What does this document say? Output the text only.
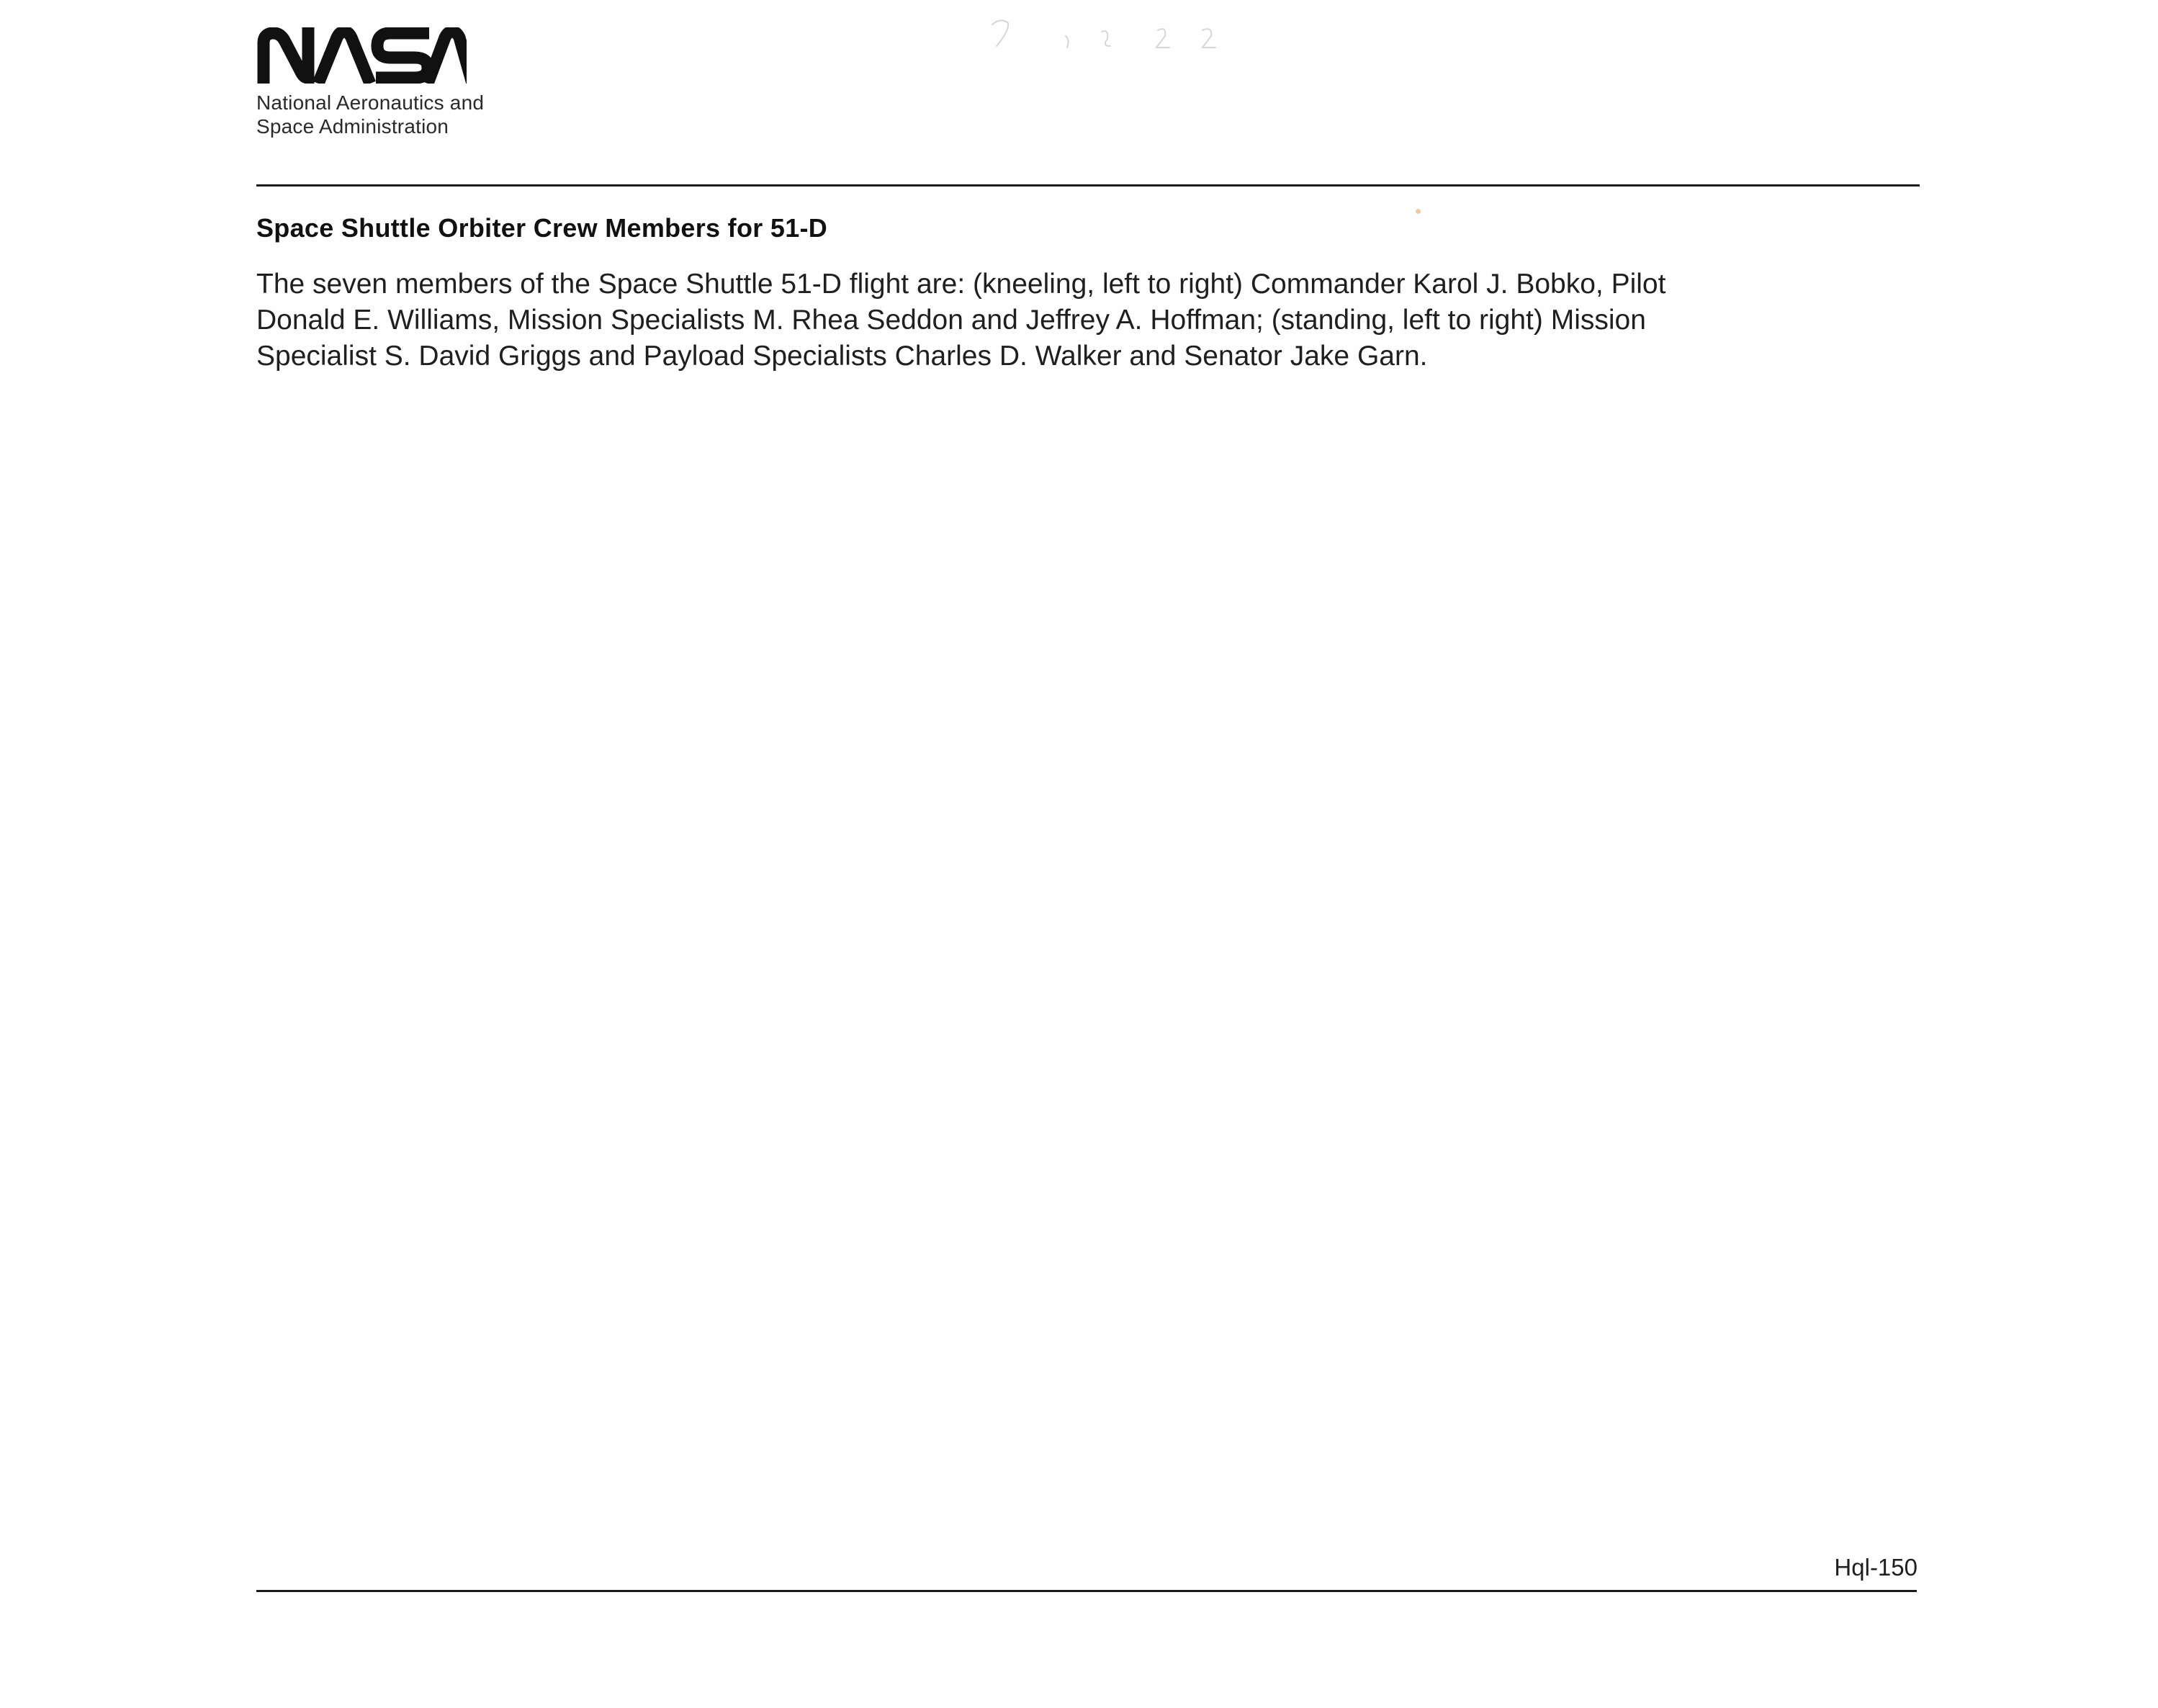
National Aeronautics and
Space Administration
Space Shuttle Orbiter Crew Members for 51-D

The seven members of the Space Shuttle 51-D flight are: (kneeling, left to right) Commander Karol J. Bobko, Pilot
Donald E. Williams, Mission Specialists M. Rhea Seddon and Jeffrey A. Hoffman; (standing, left to right) Mission
Specialist S. David Griggs and Payload Specialists Charles D. Walker and Senator Jake Garn.

Hql-150
